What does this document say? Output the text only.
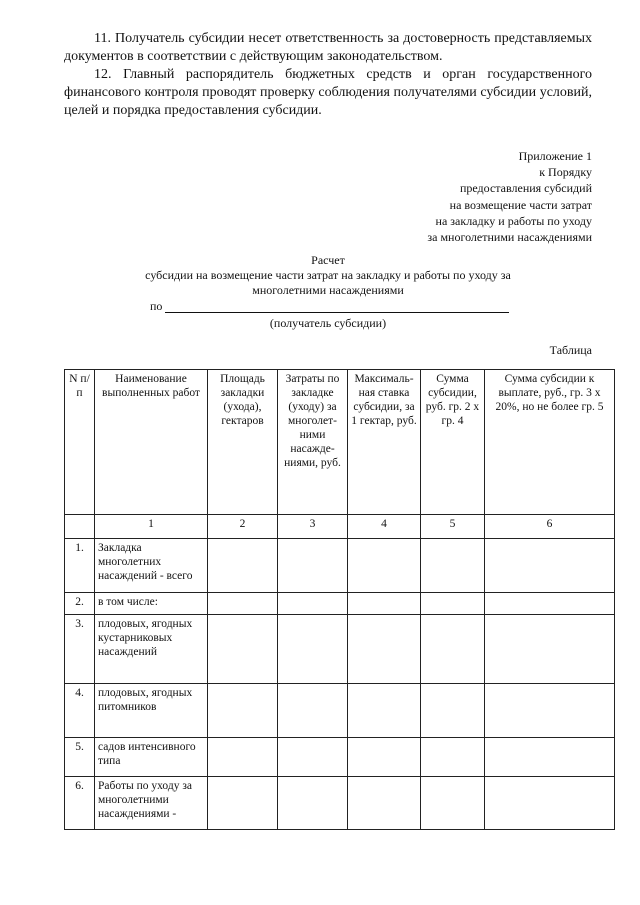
11. Получатель субсидии несет ответственность за достоверность представляемых документов в соответствии с действующим законодательством.

12. Главный распорядитель бюджетных средств и орган государственного финансового контроля проводят проверку соблюдения получателями субсидии условий, целей и порядка предоставления субсидии.

Приложение 1
к Порядку
предоставления субсидий
на возмещение части затрат
на закладку и работы по уходу
за многолетними насаждениями
Расчет
субсидии на возмещение части затрат на закладку и работы по уходу за
многолетними насаждениями
по
(получатель субсидии)
Таблица
N п/п	Наименование выполненных работ	Площадь закладки (ухода), гектаров	Затраты по закладке (уходу) за многолет-ними насажде-ниями, руб.	Максималь-ная ставка субсидии, за 1 гектар, руб.	Сумма субсидии, руб. гр. 2 x гр. 4	Сумма субсидии к выплате, руб., гр. 3 x 20%, но не более гр. 5
	1	2	3	4	5	6
1.	Закладка многолетних насаждений - всего					
2.	в том числе:					
3.	плодовых, ягодных кустарниковых насаждений					
4.	плодовых, ягодных питомников					
5.	садов интенсивного типа					
6.	Работы по уходу за многолетними насаждениями -					
